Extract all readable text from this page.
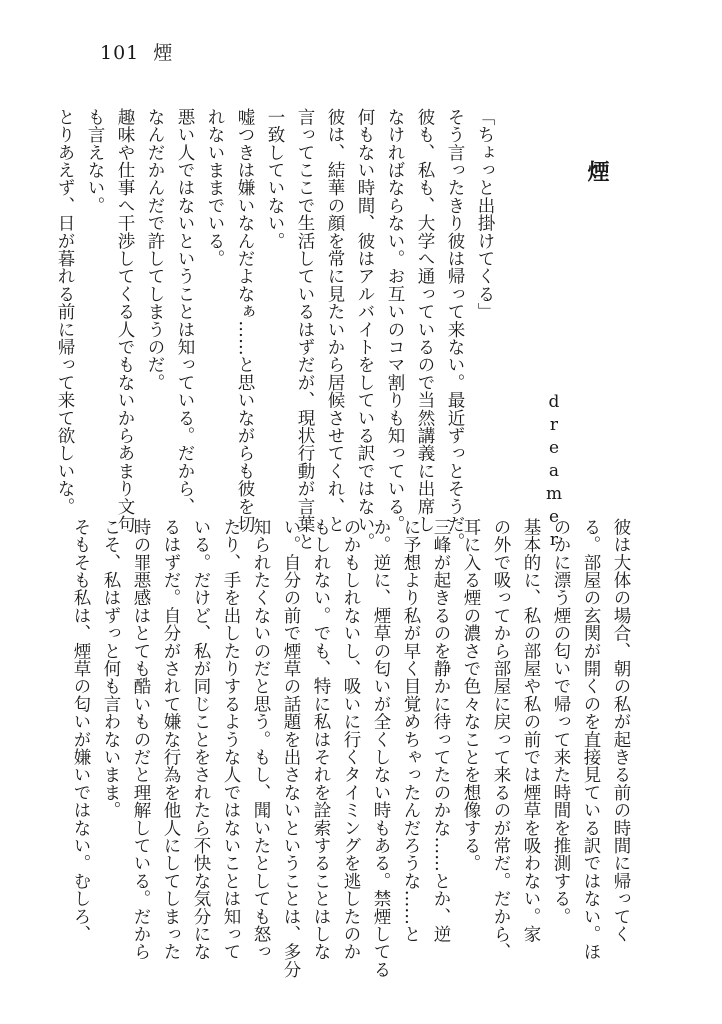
101 煙
煙
dreamer

「ちょっと出掛けてくる」

そう言ったきり彼は帰って来ない。最近ずっとそうだ。

彼も、私も、大学へ通っているので当然講義に出席し

なければならない。お互いのコマ割りも知っている。

何もない時間、彼はアルバイトをしている訳ではない。

彼は、結華の顔を常に見たいから居候させてくれ、と

言ってここで生活しているはずだが、現状行動が言葉と

一致していない。

嘘つきは嫌いなんだよなぁ……と思いながらも彼を切

れないままでいる。

悪い人ではないということは知っている。だから、

なんだかんだで許してしまうのだ。

趣味や仕事へ干渉してくる人でもないからあまり文句

も言えない。

とりあえず、日が暮れる前に帰って来て欲しいな。

彼は大体の場合、朝の私が起きる前の時間に帰ってく

る。部屋の玄関が開くのを直接見ている訳ではない。ほ

のかに漂う煙の匂いで帰って来た時間を推測する。

基本的に、私の部屋や私の前では煙草を吸わない。家

の外で吸ってから部屋に戻って来るのが常だ。だから、

耳に入る煙の濃さで色々なことを想像する。

三峰が起きるのを静かに待ってたのかな……とか、逆

に予想より私が早く目覚めちゃったんだろうな……と

か。逆に、煙草の匂いが全くしない時もある。禁煙してる

のかもしれないし、吸いに行くタイミングを逃したのか

もしれない。でも、特に私はそれを詮索することはしな

い。自分の前で煙草の話題を出さないということは、多分

知られたくないのだと思う。もし、聞いたとしても怒っ

たり、手を出したりするような人ではないことは知って

いる。だけど、私が同じことをされたら不快な気分にな

るはずだ。自分がされて嫌な行為を他人にしてしまった

時の罪悪感はとても酷いものだと理解している。だから

こそ、私はずっと何も言わないまま。

そもそも私は、煙草の匂いが嫌いではない。むしろ、
